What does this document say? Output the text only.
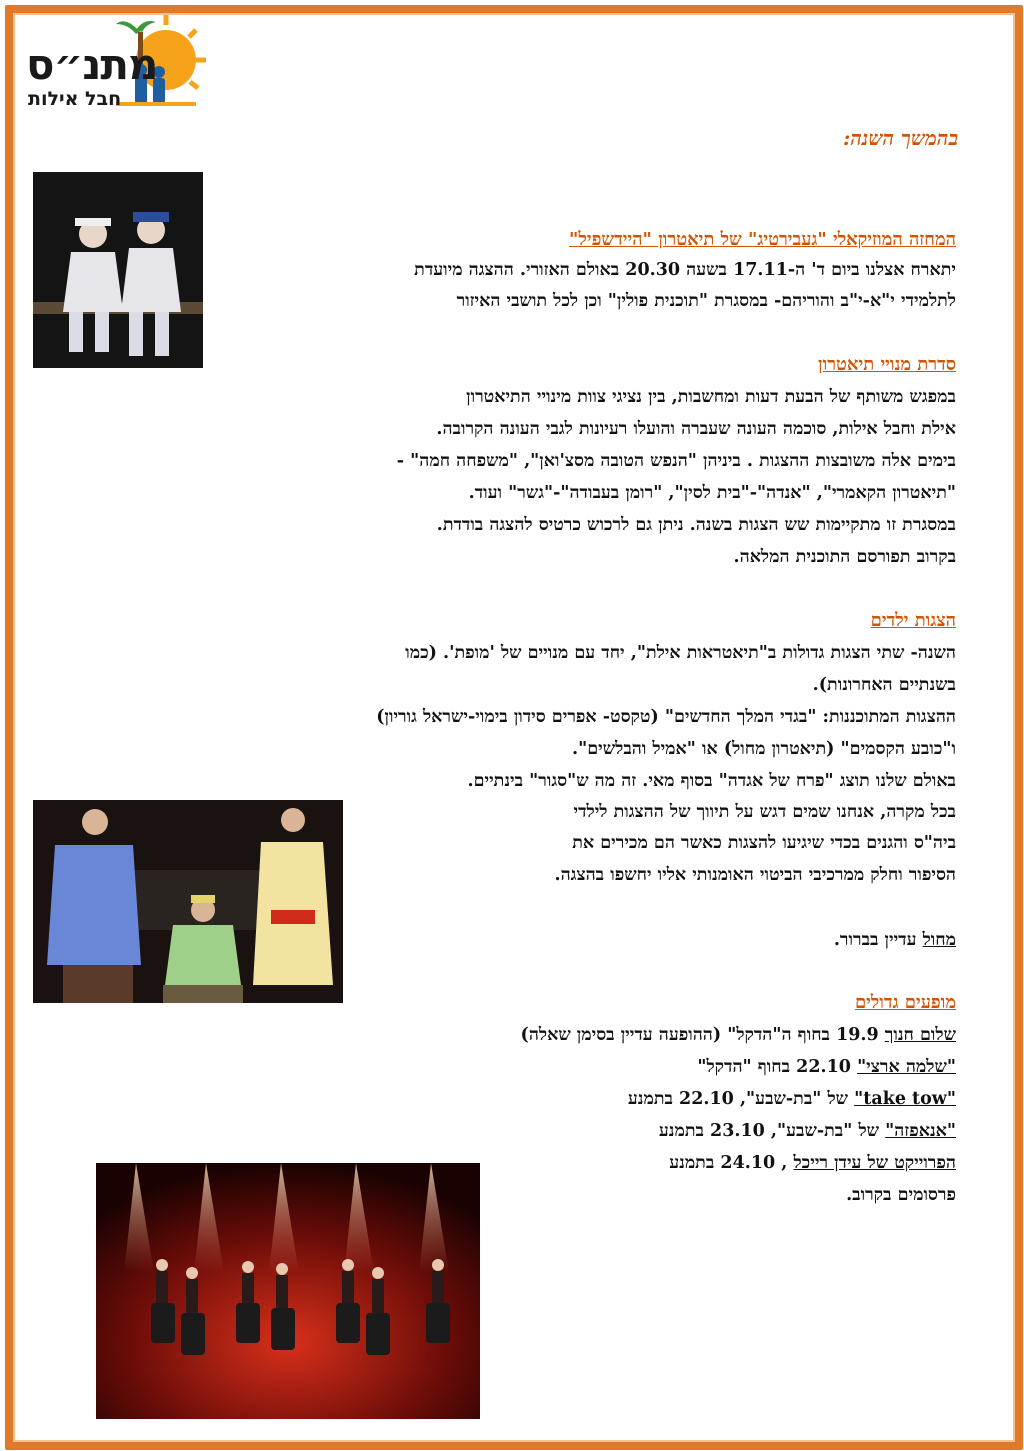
מתנ״ס
חבל אילות
בהמשך השנה:
המחזה המוזיקאלי "געבירטיג" של תיאטרון "היידשפיל"
יתארח אצלנו ביום ד' ה-17.11 בשעה 20.30 באולם האזורי. ההצגה מיועדת
לתלמידי י"א-י"ב והוריהם- במסגרת "תוכנית פולין" וכן לכל תושבי האיזור
סדרת מנויי תיאטרון
במפגש משותף של הבעת דעות ומחשבות, בין נציגי צוות מינויי התיאטרון
אילת וחבל אילות, סוכמה העונה שעברה והועלו רעיונות לגבי העונה הקרובה.
בימים אלה משובצות ההצגות . ביניהן "הנפש הטובה מסצ'ואן", "משפחה חמה" -
"תיאטרון הקאמרי", "אנדה"-"בית לסין", "רומן בעבודה"-"גשר" ועוד.
במסגרת זו מתקיימות שש הצגות בשנה. ניתן גם לרכוש כרטיס להצגה בודדת.
בקרוב תפורסם התוכנית המלאה.
הצגות ילדים
השנה- שתי הצגות גדולות ב"תיאטראות אילת", יחד עם מנויים של 'מופת'. (כמו
בשנתיים האחרונות).
ההצגות המתוכננות: "בגדי המלך החדשים" (טקסט- אפרים סידון בימוי-ישראל גוריון)
ו"כובע הקסמים" (תיאטרון מחול) או "אמיל והבלשים".
באולם שלנו תוצג "פרח של אגדה" בסוף מאי. זה מה ש"סגור" בינתיים.
בכל מקרה, אנחנו שמים דגש על תיווך של ההצגות לילדי
ביה"ס והגנים בכדי שיגיעו להצגות כאשר הם מכירים את
הסיפור וחלק ממרכיבי הביטוי האומנותי אליו יחשפו בהצגה.
מחול עדיין בברור.
מופעים גדולים
שלום חנוך 19.9 בחוף ה"הדקל" (ההופעה עדיין בסימן שאלה)
"שלמה ארצי" 22.10 בחוף "הדקל"
"take tow" של "בת-שבע", 22.10 בתמנע
"אנאפזה" של "בת-שבע", 23.10 בתמנע
הפרוייקט של עידן רייכל , 24.10 בתמנע
פרסומים בקרוב.
